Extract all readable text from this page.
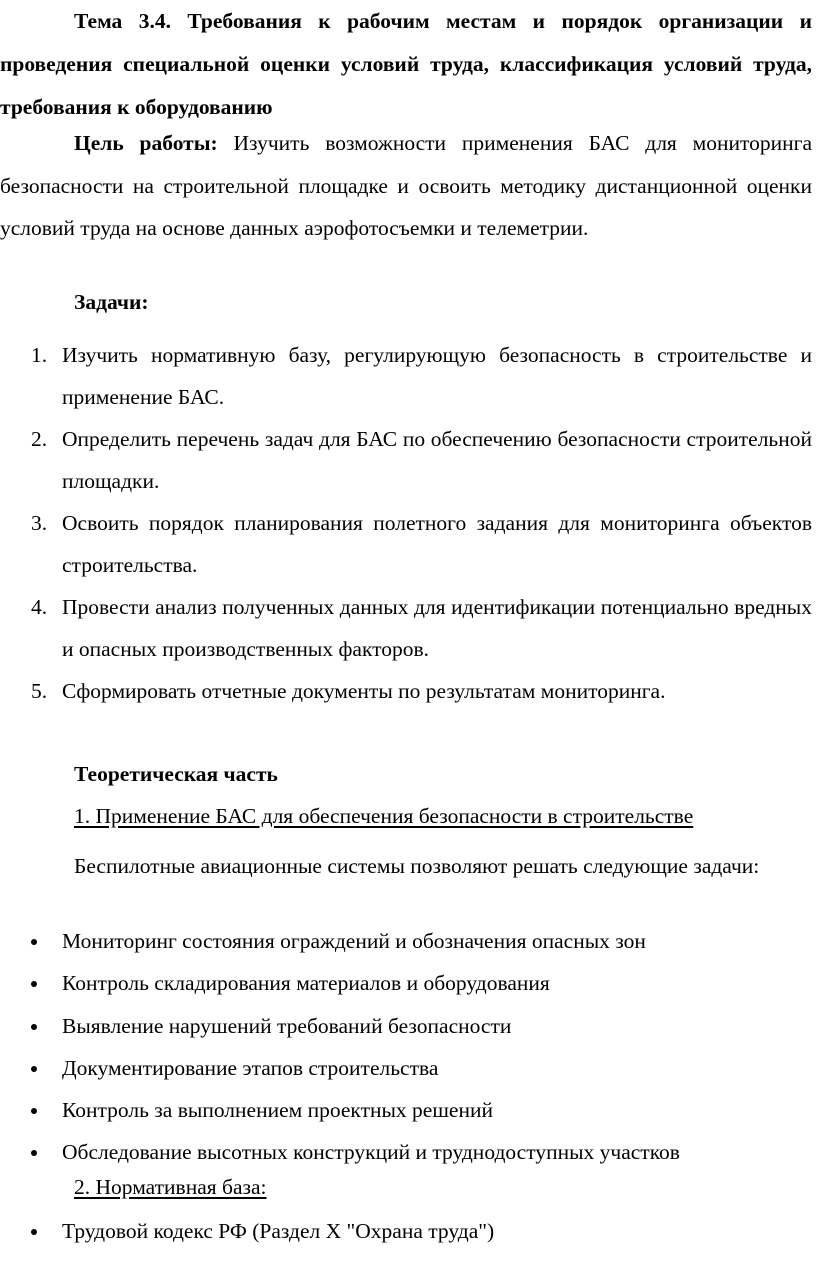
Тема 3.4. Требования к рабочим местам и порядок организации и проведения специальной оценки условий труда, классификация условий труда, требования к оборудованию

Цель работы: Изучить возможности применения БАС для мониторинга безопасности на строительной площадке и освоить методику дистанционной оценки условий труда на основе данных аэрофотосъемки и телеметрии.

Задачи:

1. Изучить нормативную базу, регулирующую безопасность в строительстве и применение БАС.
2. Определить перечень задач для БАС по обеспечению безопасности строительной площадки.
3. Освоить порядок планирования полетного задания для мониторинга объектов строительства.
4. Провести анализ полученных данных для идентификации потенциально вредных и опасных производственных факторов.
5. Сформировать отчетные документы по результатам мониторинга.

Теоретическая часть

1. Применение БАС для обеспечения безопасности в строительстве

Беспилотные авиационные системы позволяют решать следующие задачи:

Мониторинг состояния ограждений и обозначения опасных зон
Контроль складирования материалов и оборудования
Выявление нарушений требований безопасности
Документирование этапов строительства
Контроль за выполнением проектных решений
Обследование высотных конструкций и труднодоступных участков

2. Нормативная база:

Трудовой кодекс РФ (Раздел X "Охрана труда")
